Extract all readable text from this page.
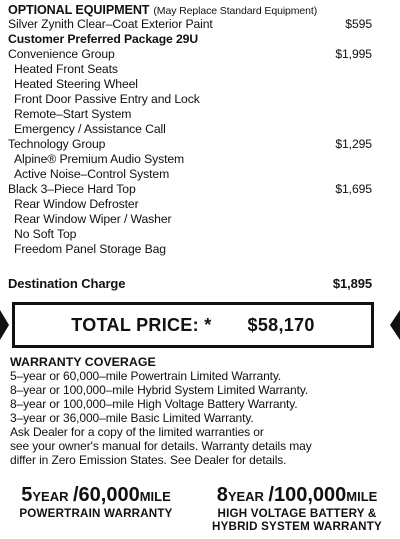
OPTIONAL EQUIPMENT (May Replace Standard Equipment)
Silver Zynith Clear–Coat Exterior Paint	$595
Customer Preferred Package 29U
Convenience Group	$1,995
Heated Front Seats
Heated Steering Wheel
Front Door Passive Entry and Lock
Remote–Start System
Emergency / Assistance Call
Technology Group	$1,295
Alpine® Premium Audio System
Active Noise–Control System
Black 3–Piece Hard Top	$1,695
Rear Window Defroster
Rear Window Wiper / Washer
No Soft Top
Freedom Panel Storage Bag
Destination Charge	$1,895
TOTAL PRICE: * $58,170
WARRANTY COVERAGE
5–year or 60,000–mile Powertrain Limited Warranty.
8–year or 100,000–mile Hybrid System Limited Warranty.
8–year or 100,000–mile High Voltage Battery Warranty.
3–year or 36,000–mile Basic Limited Warranty.
Ask Dealer for a copy of the limited warranties or
see your owner's manual for details. Warranty details may
differ in Zero Emission States. See Dealer for details.
5YEAR /60,000MILE
POWERTRAIN WARRANTY
8YEAR /100,000MILE
HIGH VOLTAGE BATTERY &
HYBRID SYSTEM WARRANTY
